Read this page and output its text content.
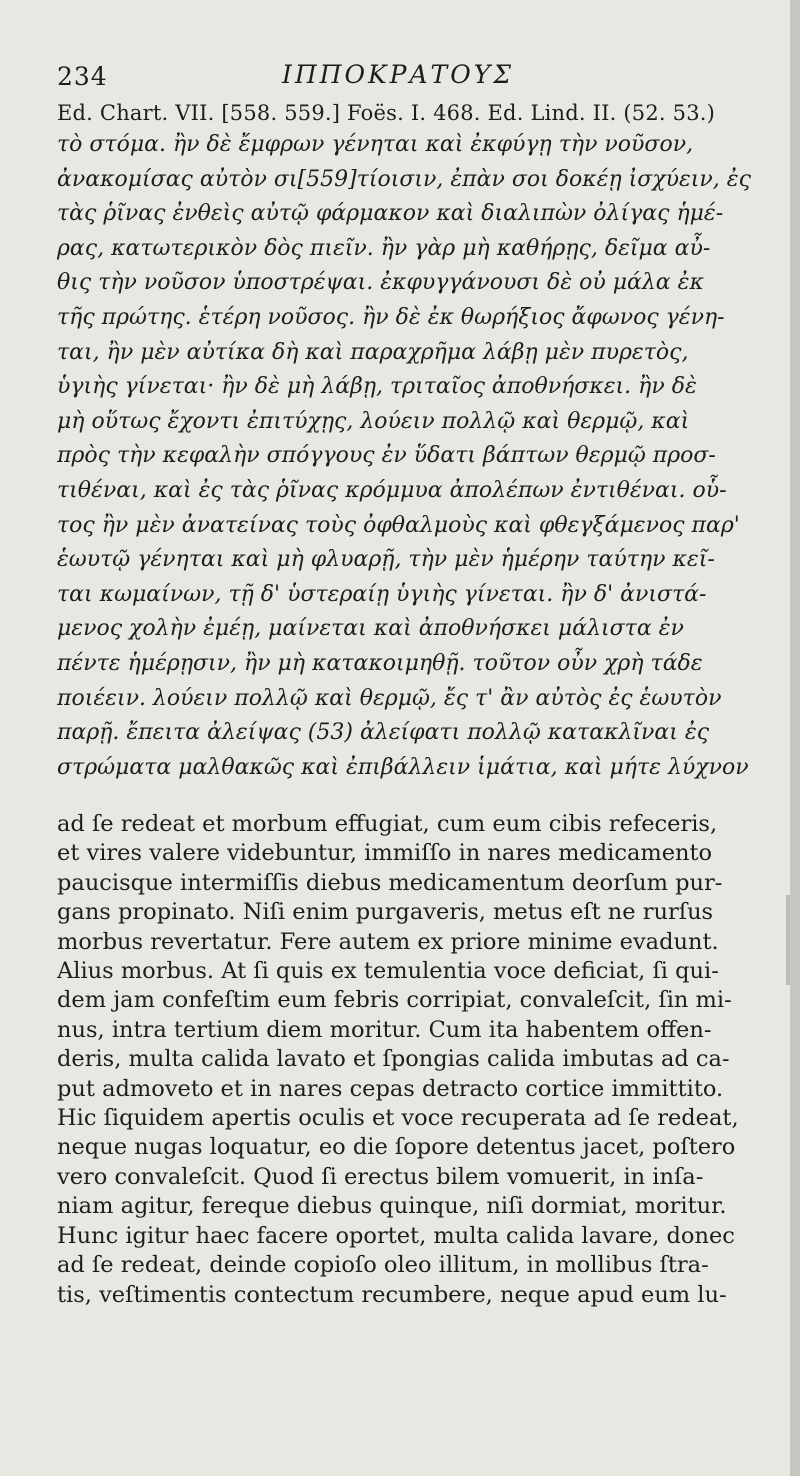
234	ΙΠΠΟΚΡΑΤΟΥΣ
Ed. Chart. VII. [558. 559.] Foës. I. 468. Ed. Lind. II. (52. 53.)
τὸ στόμα. ἢν δὲ ἔμφρων γένηται καὶ ἐκφύγῃ τὴν νοῦσον,
ἀνακομίσας αὐτὸν σι[559]τίοισιν, ἐπὰν σοι δοκέῃ ἰσχύειν, ἐς
τὰς ῥῖνας ἐνθεὶς αὐτῷ φάρμακον καὶ διαλιπὼν ὀλίγας ἡμέ-
ρας, κατωτερικὸν δὸς πιεῖν. ἢν γὰρ μὴ καθήρῃς, δεῖμα αὖ-
θις τὴν νοῦσον ὑποστρέψαι. ἐκφυγγάνουσι δὲ οὐ μάλα ἐκ
τῆς πρώτης. ἑτέρη νοῦσος. ἢν δὲ ἐκ θωρήξιος ἄφωνος γένη-
ται, ἢν μὲν αὐτίκα δὴ καὶ παραχρῆμα λάβῃ μὲν πυρετὸς,
ὑγιὴς γίνεται· ἢν δὲ μὴ λάβῃ, τριταῖος ἀποθνήσκει. ἢν δὲ
μὴ οὕτως ἔχοντι ἐπιτύχῃς, λούειν πολλῷ καὶ θερμῷ, καὶ
πρὸς τὴν κεφαλὴν σπόγγους ἐν ὕδατι βάπτων θερμῷ προσ-
τιθέναι, καὶ ἐς τὰς ῥῖνας κρόμμυα ἀπολέπων ἐντιθέναι. οὗ-
τος ἢν μὲν ἀνατείνας τοὺς ὀφθαλμοὺς καὶ φθεγξάμενος παρ'
ἑωυτῷ γένηται καὶ μὴ φλυαρῇ, τὴν μὲν ἡμέρην ταύτην κεῖ-
ται κωμαίνων, τῇ δ' ὑστεραίῃ ὑγιὴς γίνεται. ἢν δ' ἀνιστά-
μενος χολὴν ἐμέῃ, μαίνεται καὶ ἀποθνήσκει μάλιστα ἐν
πέντε ἡμέρῃσιν, ἢν μὴ κατακοιμηθῇ. τοῦτον οὖν χρὴ τάδε
ποιέειν. λούειν πολλῷ καὶ θερμῷ, ἔς τ' ἂν αὐτὸς ἐς ἑωυτὸν
παρῇ. ἔπειτα ἀλείψας (53) ἀλείφατι πολλῷ κατακλῖναι ἐς
στρώματα μαλθακῶς καὶ ἐπιβάλλειν ἱμάτια, καὶ μήτε λύχνον
ad ſe redeat et morbum effugiat, cum eum cibis refeceris,
et vires valere videbuntur, immiſſo in nares medicamento
paucisque intermiſſis diebus medicamentum deorſum pur-
gans propinato. Niſi enim purgaveris, metus eſt ne rurſus
morbus revertatur. Fere autem ex priore minime evadunt.
Alius morbus. At ſi quis ex temulentia voce deficiat, ſi qui-
dem jam confeſtim eum febris corripiat, convaleſcit, ſin mi-
nus, intra tertium diem moritur. Cum ita habentem offen-
deris, multa calida lavato et ſpongias calida imbutas ad ca-
put admoveto et in nares cepas detracto cortice immittito.
Hic ſiquidem apertis oculis et voce recuperata ad ſe redeat,
neque nugas loquatur, eo die ſopore detentus jacet, poſtero
vero convaleſcit. Quod ſi erectus bilem vomuerit, in inſa-
niam agitur, fereque diebus quinque, niſi dormiat, moritur.
Hunc igitur haec facere oportet, multa calida lavare, donec
ad ſe redeat, deinde copioſo oleo illitum, in mollibus ſtra-
tis, veſtimentis contectum recumbere, neque apud eum lu-
